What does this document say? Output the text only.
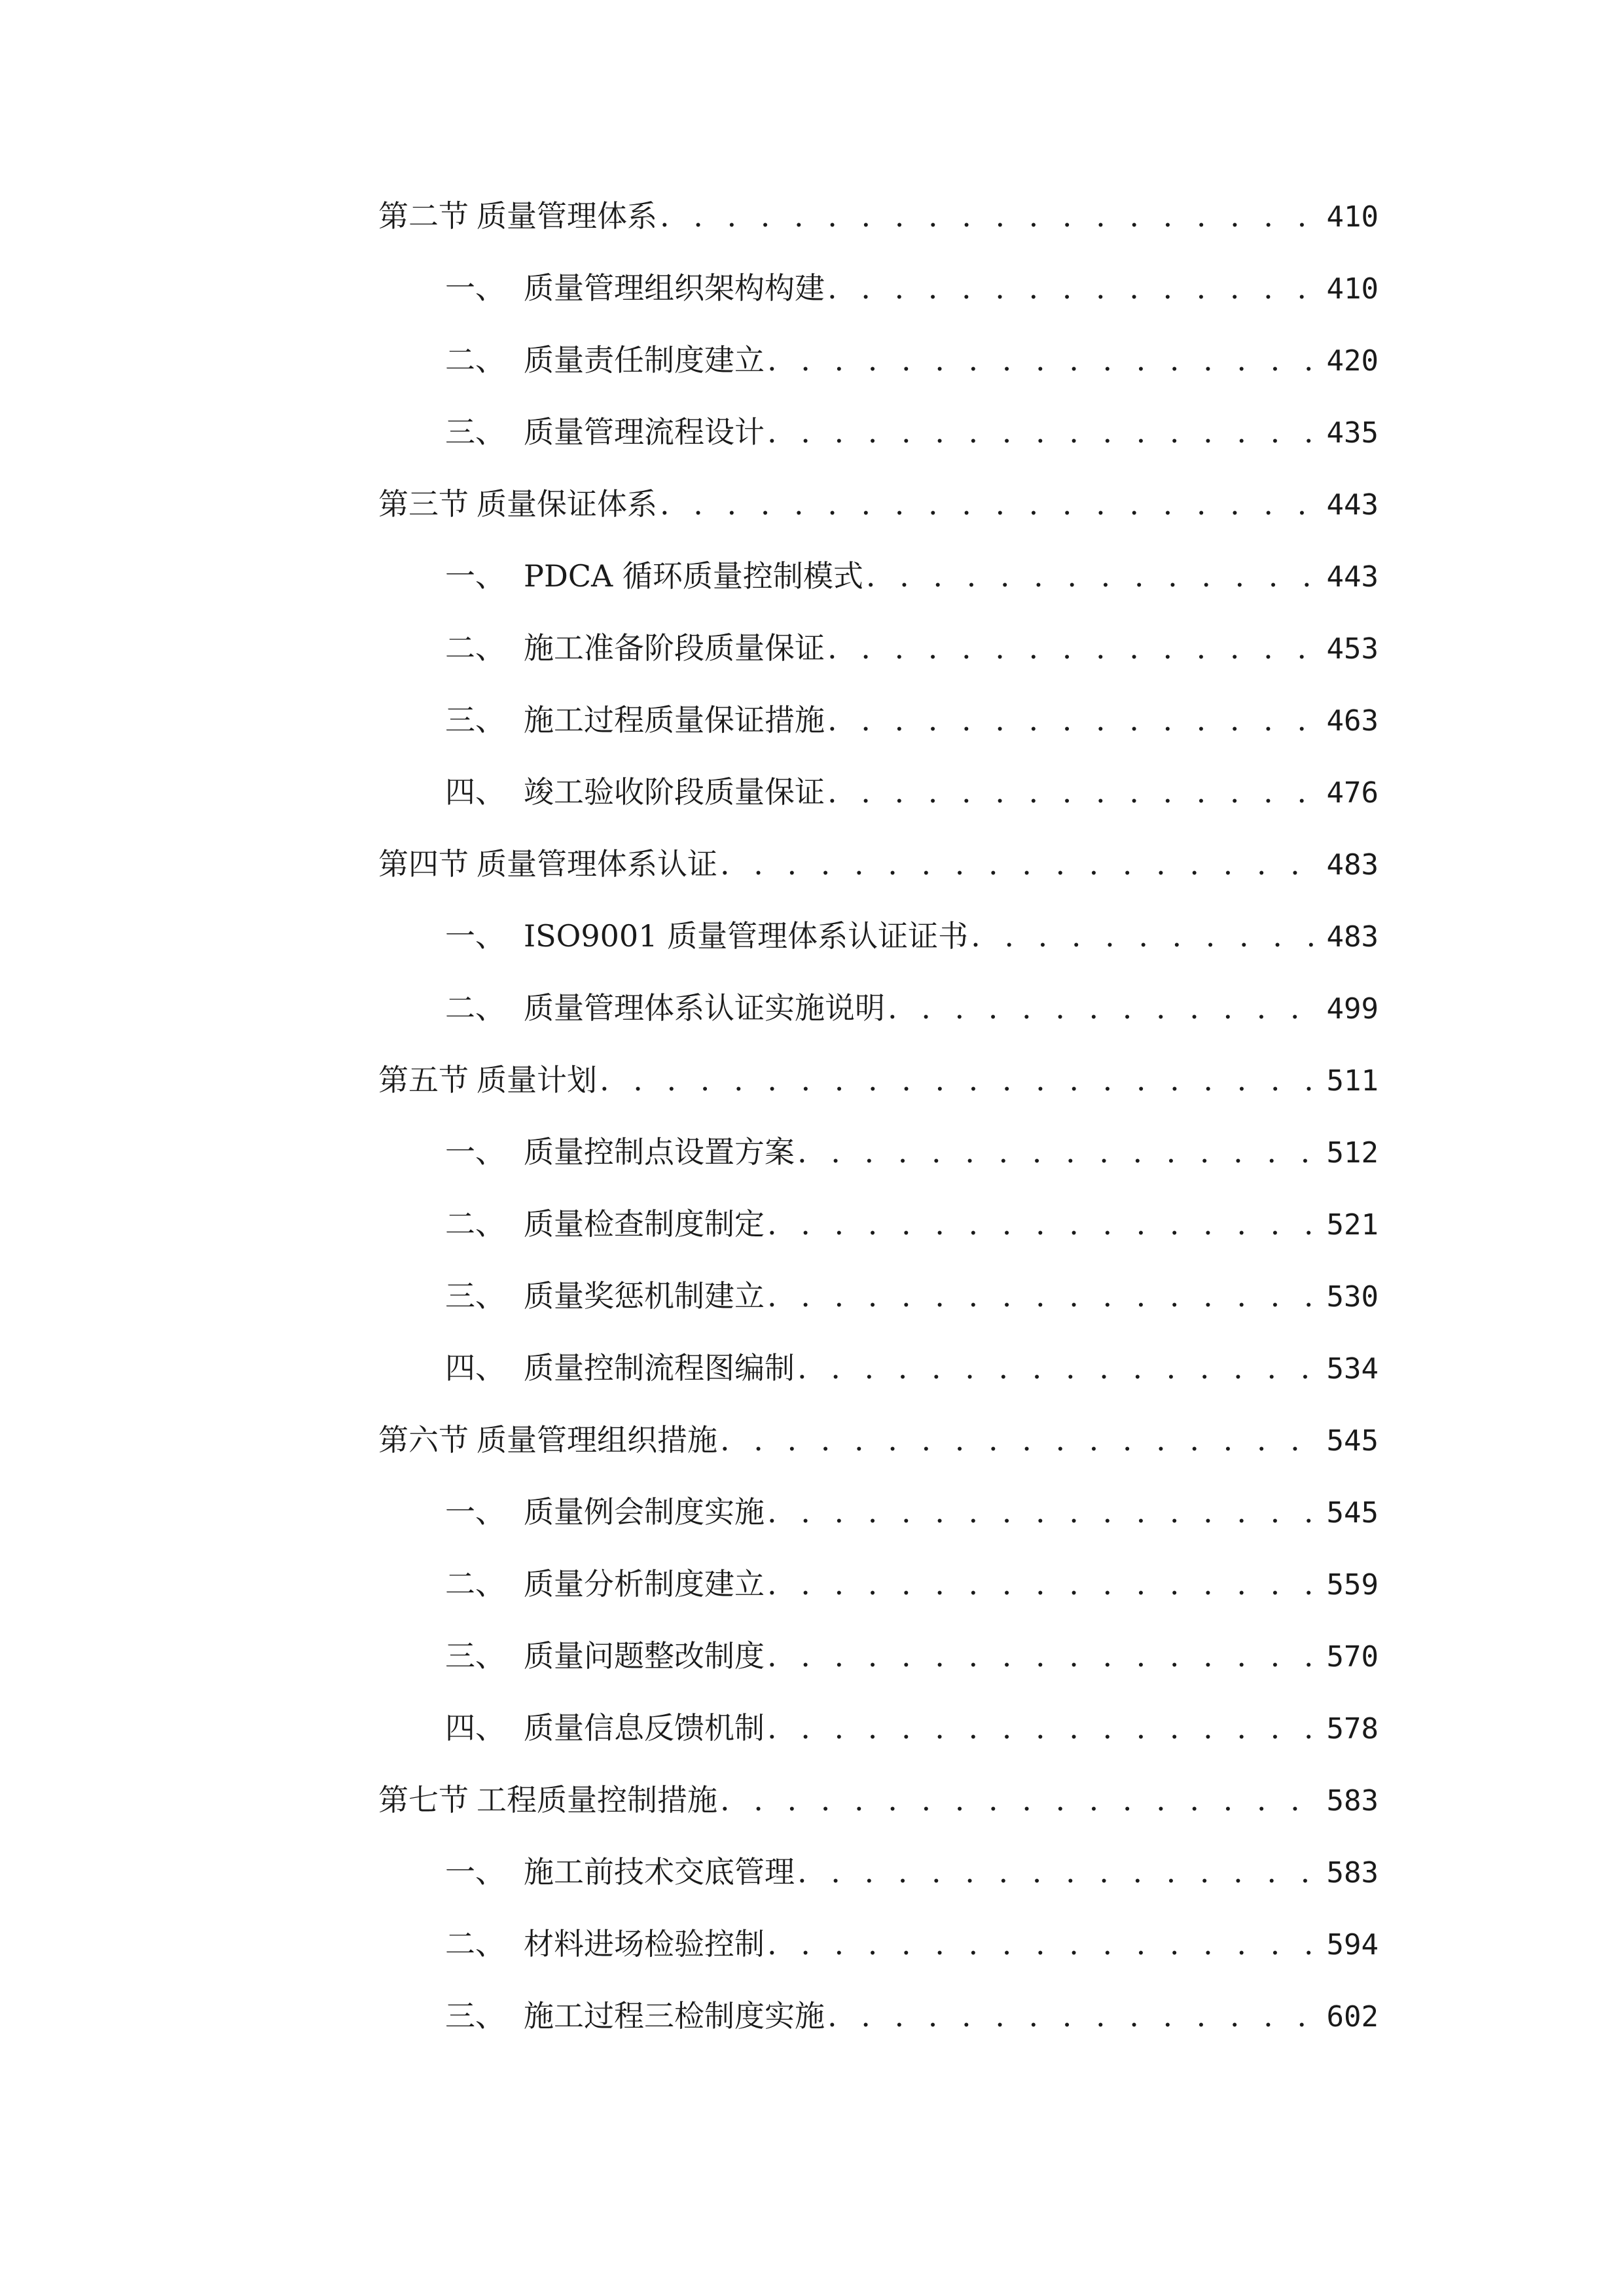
第二节 质量管理体系 . . .	410
一、 质量管理组织架构构建 . . .	410
二、 质量责任制度建立 . . .	420
三、 质量管理流程设计 . . .	435
第三节 质量保证体系 . . .	443
一、 PDCA 循环质量控制模式 . . .	443
二、 施工准备阶段质量保证 . . .	453
三、 施工过程质量保证措施 . . .	463
四、 竣工验收阶段质量保证 . . .	476
第四节 质量管理体系认证 . . .	483
一、 ISO9001 质量管理体系认证证书 . . .	483
二、 质量管理体系认证实施说明 . . .	499
第五节 质量计划 . . .	511
一、 质量控制点设置方案 . . .	512
二、 质量检查制度制定 . . .	521
三、 质量奖惩机制建立 . . .	530
四、 质量控制流程图编制 . . .	534
第六节 质量管理组织措施 . . .	545
一、 质量例会制度实施 . . .	545
二、 质量分析制度建立 . . .	559
三、 质量问题整改制度 . . .	570
四、 质量信息反馈机制 . . .	578
第七节 工程质量控制措施 . . .	583
一、 施工前技术交底管理 . . .	583
二、 材料进场检验控制 . . .	594
三、 施工过程三检制度实施 . . .	602
